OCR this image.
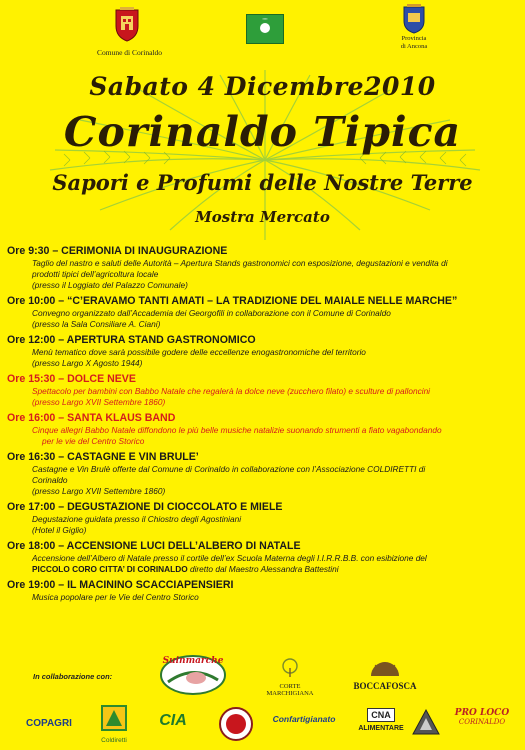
Comune di Corinaldo
▪▪▪▪
Provincia
di Ancona
Sabato 4 Dicembre2010
Corinaldo Tipica
Sapori e Profumi delle Nostre Terre
Mostra Mercato
Ore 9:30 – CERIMONIA DI INAUGURAZIONE
Taglio del nastro e saluti delle Autorità – Apertura Stands gastronomici con esposizione, degustazioni e vendita di
prodotti tipici dell’agricoltura locale
(presso il Loggiato del Palazzo Comunale)
Ore 10:00 – “C’ERAVAMO TANTI AMATI – LA TRADIZIONE DEL MAIALE NELLE MARCHE”
Convegno organizzato dall’Accademia dei Georgofili in collaborazione con il Comune di Corinaldo
(presso la Sala Consiliare A. Ciani)
Ore 12:00 – APERTURA STAND GASTRONOMICO
Menù tematico dove sarà possibile godere delle eccellenze enogastronomiche del territorio
(presso Largo X Agosto 1944)
Ore 15:30 – DOLCE NEVE
Spettacolo per bambini con Babbo Natale che regalerà la dolce neve (zucchero filato) e sculture di palloncini
(presso Largo XVII Settembre 1860)
Ore 16:00 – SANTA KLAUS BAND
Cinque allegri Babbo Natale diffondono le più belle musiche natalizie suonando strumenti a fiato vagabondando
per le vie del Centro Storico
Ore 16:30 – CASTAGNE E VIN BRULE’
Castagne e Vin Brulè offerte dal Comune di Corinaldo in collaborazione con l’Associazione COLDIRETTI di
Corinaldo
(presso Largo XVII Settembre 1860)
Ore 17:00 – DEGUSTAZIONE DI CIOCCOLATO E MIELE
Degustazione guidata presso il Chiostro degli Agostiniani
(Hotel il Giglio)
Ore 18:00 – ACCENSIONE LUCI DELL’ALBERO DI NATALE
Accensione dell’Albero di Natale presso il cortile dell’ex Scuola Materna degli I.I.R.R.B.B. con esibizione del
PICCOLO CORO CITTA’ DI CORINALDO diretto dal Maestro Alessandra Battestini
Ore 19:00 – IL MACININO SCACCIAPENSIERI
Musica popolare per le Vie del Centro Storico
In collaborazione con:
Suinmarche
CORTE
MARCHIGIANA
BOCCAFOSCA
COPAGRI
Coldiretti
CIA	Confartigianato	CNA
ALIMENTARE
PRO LOCO
CORINALDO
